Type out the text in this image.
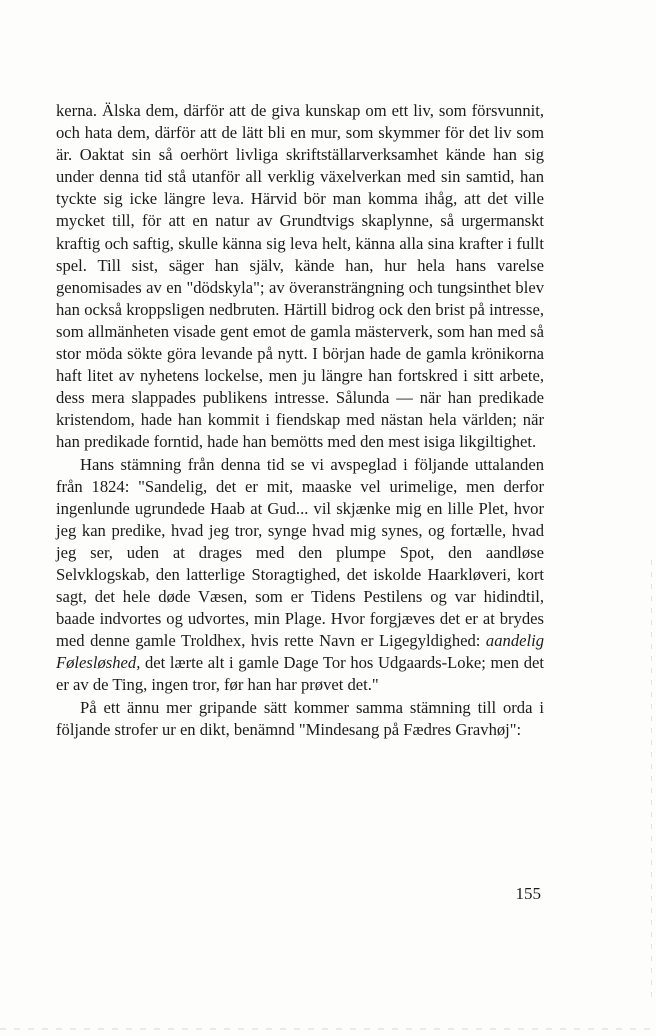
kerna. Älska dem, därför att de giva kunskap om ett liv, som försvunnit, och hata dem, därför att de lätt bli en mur, som skymmer för det liv som är. Oaktat sin så oerhört livliga skriftställarverksamhet kände han sig under denna tid stå utanför all verklig växelverkan med sin samtid, han tyckte sig icke längre leva. Härvid bör man komma ihåg, att det ville mycket till, för att en natur av Grundtvigs skaplynne, så urgermanskt kraftig och saftig, skulle känna sig leva helt, känna alla sina krafter i fullt spel. Till sist, säger han själv, kände han, hur hela hans varelse genomisades av en "dödskyla"; av överansträngning och tungsinthet blev han också kroppsligen nedbruten. Härtill bidrog ock den brist på intresse, som allmänheten visade gent emot de gamla mästerverk, som han med så stor möda sökte göra levande på nytt. I början hade de gamla krönikorna haft litet av nyhetens lockelse, men ju längre han fortskred i sitt arbete, dess mera slappades publikens intresse. Sålunda — när han predikade kristendom, hade han kommit i fiendskap med nästan hela världen; när han predikade forntid, hade han bemötts med den mest isiga likgiltighet.

Hans stämning från denna tid se vi avspeglad i följande uttalanden från 1824: "Sandelig, det er mit, maaske vel urimelige, men derfor ingenlunde ugrundede Haab at Gud... vil skjænke mig en lille Plet, hvor jeg kan predike, hvad jeg tror, synge hvad mig synes, og fortælle, hvad jeg ser, uden at drages med den plumpe Spot, den aandløse Selvklogskab, den latterlige Storagtighed, det iskolde Haarkløveri, kort sagt, det hele døde Væsen, som er Tidens Pestilens og var hidindtil, baade indvortes og udvortes, min Plage. Hvor forgjæves det er at brydes med denne gamle Troldhex, hvis rette Navn er Ligegyldighed: aandelig Følesløshed, det lærte alt i gamle Dage Tor hos Udgaards-Loke; men det er av de Ting, ingen tror, før han har prøvet det."

På ett ännu mer gripande sätt kommer samma stämning till orda i följande strofer ur en dikt, benämnd "Mindesang på Fædres Gravhøj":

155
